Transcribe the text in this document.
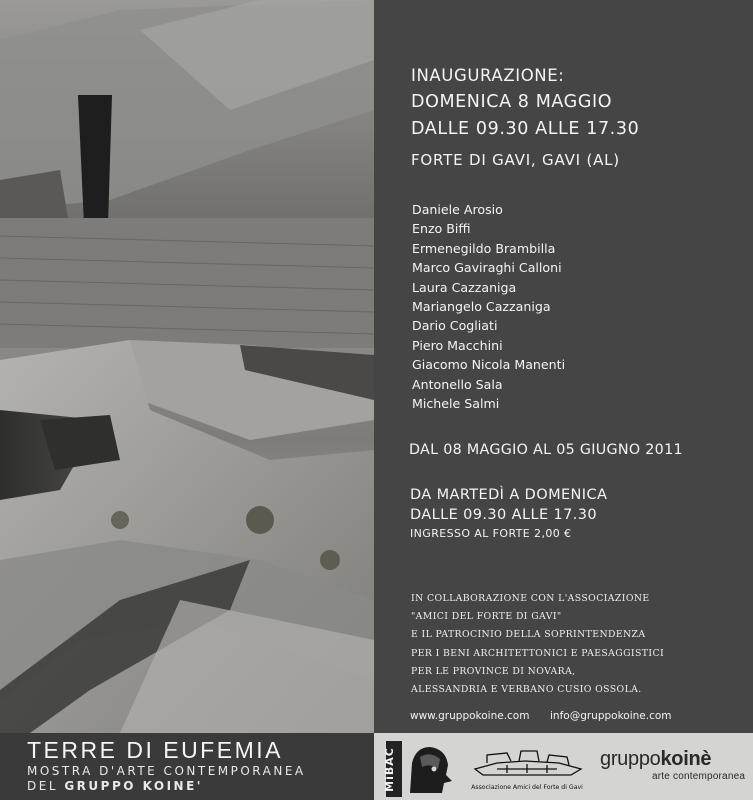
INAUGURAZIONE:
DOMENICA 8 MAGGIO
DALLE 09.30 ALLE 17.30
FORTE DI GAVI, GAVI (AL)
Daniele Arosio
Enzo Biffi
Ermenegildo Brambilla
Marco Gaviraghi Calloni
Laura Cazzaniga
Mariangelo Cazzaniga
Dario Cogliati
Piero Macchini
Giacomo Nicola Manenti
Antonello Sala
Michele Salmi
DAL 08 MAGGIO AL 05 GIUGNO 2011
DA MARTEDÌ A DOMENICA
DALLE 09.30 ALLE 17.30
INGRESSO AL FORTE 2,00 €
IN COLLABORAZIONE CON L'ASSOCIAZIONE
"AMICI DEL FORTE DI GAVI"
E IL PATROCINIO DELLA SOPRINTENDENZA
PER I BENI ARCHITETTONICI E PAESAGGISTICI
PER LE PROVINCE DI NOVARA,
ALESSANDRIA E VERBANO CUSIO OSSOLA.
www.gruppokoine.com info@gruppokoine.com
TERRE DI EUFEMIA
MOSTRA D'ARTE CONTEMPORANEA
DEL GRUPPO KOINE'	MiBAC	Associazione Amici del Forte di Gavi
gruppokoinè
arte contemporanea
